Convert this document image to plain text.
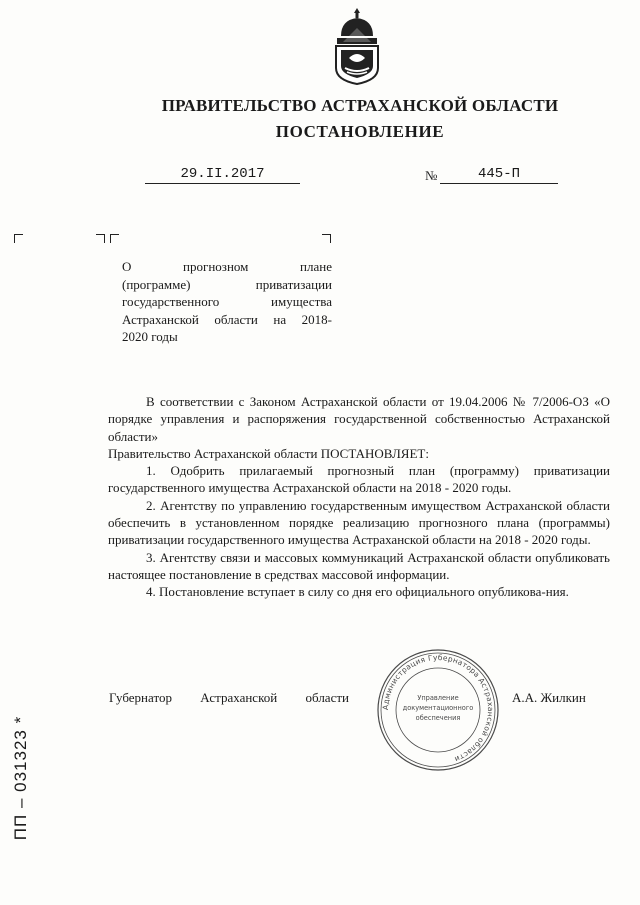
ПРАВИТЕЛЬСТВО АСТРАХАНСКОЙ ОБЛАСТИ
ПОСТАНОВЛЕНИЕ
29.II.2017	№	445-П
О прогнозном плане
(программе) приватизации
государственного имущества
Астраханской области на 2018-
2020 годы

В соответствии с Законом Астраханской области от 19.04.2006 № 7/2006-ОЗ «О порядке управления и распоряжения государственной собственностью Астраханской области»

Правительство Астраханской области ПОСТАНОВЛЯЕТ:

1. Одобрить прилагаемый прогнозный план (программу) приватизации государственного имущества Астраханской области на 2018 - 2020 годы.

2. Агентству по управлению государственным имуществом Астраханской области обеспечить в установленном порядке реализацию прогнозного плана (программы) приватизации государственного имущества Астраханской области на 2018 - 2020 годы.

3. Агентству связи и массовых коммуникаций Астраханской области опубликовать настоящее постановление в средствах массовой информации.

4. Постановление вступает в силу со дня его официального опубликова-ния.

Губернатор Астраханской области	А.А. Жилкин
Администрация Губернатора Астраханской области
Управление
документационного
обеспечения
ПП – 031323 *
